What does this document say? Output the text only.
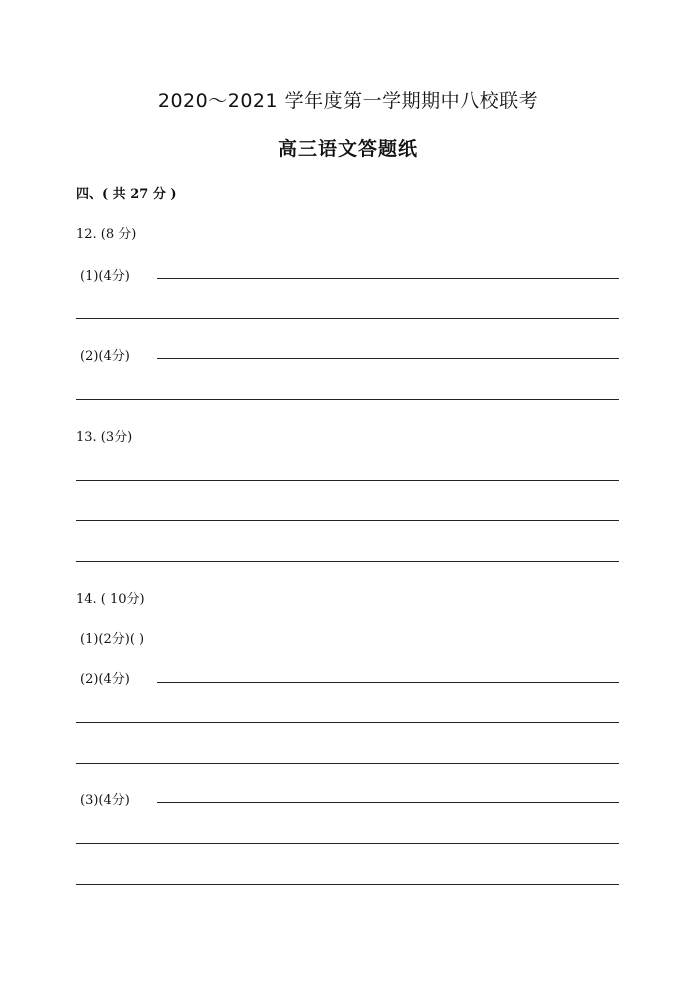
2020～2021 学年度第一学期期中八校联考
高三语文答题纸
四、( 共 27 分 )
12. (8 分)
(1)(4分)
(2)(4分)
13. (3分)
14. ( 10分)
(1)(2分)( )
(2)(4分)
(3)(4分)
